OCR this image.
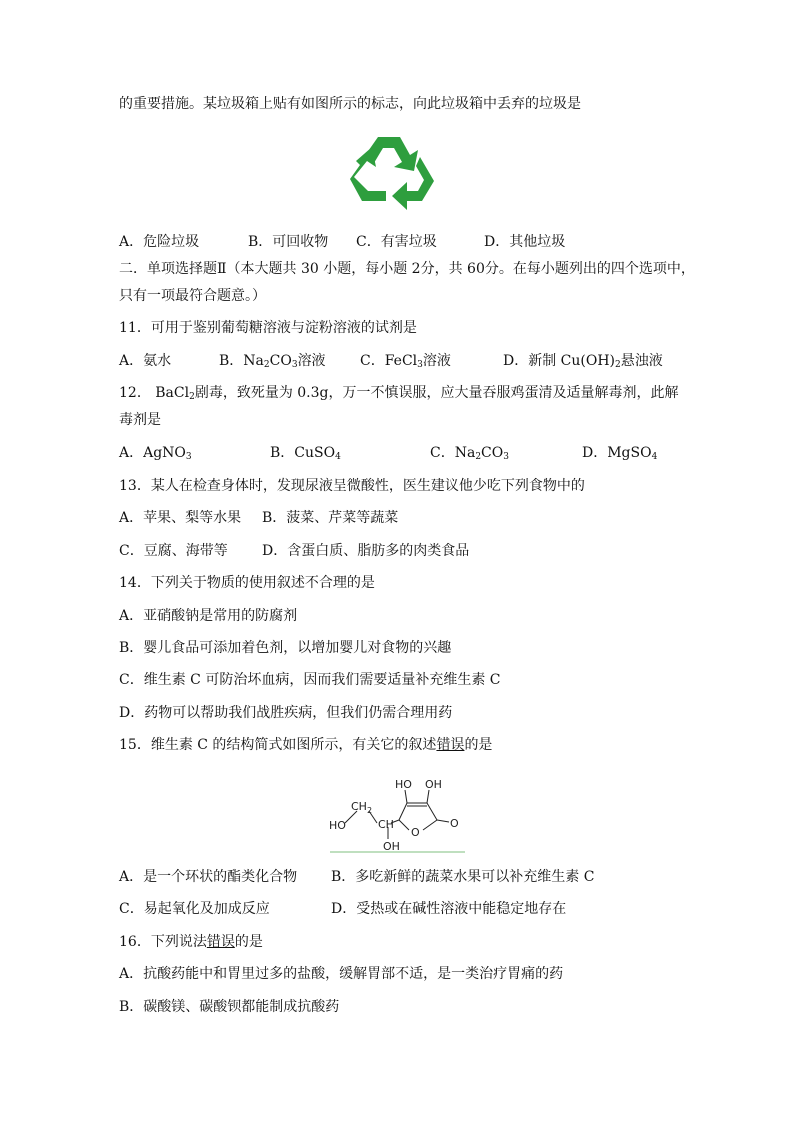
的重要措施。某垃圾箱上贴有如图所示的标志，向此垃圾箱中丢弃的垃圾是
A．危险垃圾	B．可回收物 C．有害垃圾	D．其他垃圾
二．单项选择题Ⅱ（本大题共 30 小题，每小题 2分，共 60分。在每小题列出的四个选项中，
只有一项最符合题意。）
11．可用于鉴别葡萄糖溶液与淀粉溶液的试剂是
A．氨水	B．$Na_2CO_3$溶液 C．FeCl$_3$溶液	D．新制 $Cu(OH)_2$悬浊液
12． BaCl$_2$剧毒，致死量为 0.3g，万一不慎误服，应大量吞服鸡蛋清及适量解毒剂，此解
毒剂是
A．AgNO$_3$	B．CuSO$_4$	C．$Na_2CO_3$	D．MgSO$_4$
13．某人在检查身体时，发现尿液呈微酸性，医生建议他少吃下列食物中的
A．苹果、梨等水果 B．菠菜、芹菜等蔬菜
C．豆腐、海带等 D．含蛋白质、脂肪多的肉类食品
14．下列关于物质的使用叙述不合理的是
A．亚硝酸钠是常用的防腐剂
B．婴儿食品可添加着色剂，以增加婴儿对食物的兴趣
C．维生素 C 可防治坏血病，因而我们需要适量补充维生素 C
D．药物可以帮助我们战胜疾病，但我们仍需合理用药
15．维生素 C 的结构简式如图所示，有关它的叙述错误的是
HO OH
HO
$CH_2$
CH
OH
O
O
A．是一个环状的酯类化合物 B．多吃新鲜的蔬菜水果可以补充维生素 C
C．易起氧化及加成反应	D．受热或在碱性溶液中能稳定地存在
16．下列说法错误的是
A．抗酸药能中和胃里过多的盐酸，缓解胃部不适，是一类治疗胃痛的药
B．碳酸镁、碳酸钡都能制成抗酸药
